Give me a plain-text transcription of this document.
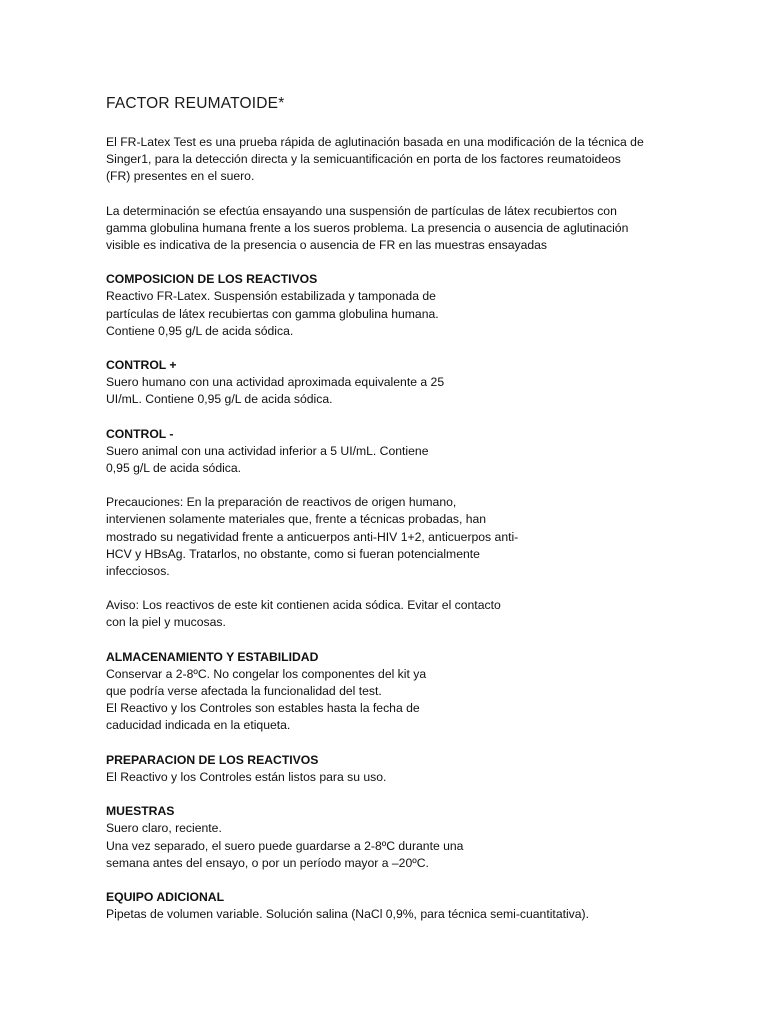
FACTOR REUMATOIDE*
El FR-Latex Test es una prueba rápida de aglutinación basada en una modificación de la técnica de
Singer1, para la detección directa y la semicuantificación en porta de los factores reumatoideos
(FR) presentes en el suero.
La determinación se efectúa ensayando una suspensión de partículas de látex recubiertos con
gamma globulina humana frente a los sueros problema. La presencia o ausencia de aglutinación
visible es indicativa de la presencia o ausencia de FR en las muestras ensayadas
COMPOSICION DE LOS REACTIVOS
Reactivo FR-Latex. Suspensión estabilizada y tamponada de
partículas de látex recubiertas con gamma globulina humana.
Contiene 0,95 g/L de acida sódica.
CONTROL +
Suero humano con una actividad aproximada equivalente a 25
UI/mL. Contiene 0,95 g/L de acida sódica.
CONTROL -
Suero animal con una actividad inferior a 5 UI/mL. Contiene
0,95 g/L de acida sódica.
Precauciones: En la preparación de reactivos de origen humano,
intervienen solamente materiales que, frente a técnicas probadas, han
mostrado su negatividad frente a anticuerpos anti-HIV 1+2, anticuerpos anti-
HCV y HBsAg. Tratarlos, no obstante, como si fueran potencialmente
infecciosos.
Aviso: Los reactivos de este kit contienen acida sódica. Evitar el contacto
con la piel y mucosas.
ALMACENAMIENTO Y ESTABILIDAD
Conservar a 2-8ºC. No congelar los componentes del kit ya
que podría verse afectada la funcionalidad del test.
El Reactivo y los Controles son estables hasta la fecha de
caducidad indicada en la etiqueta.
PREPARACION DE LOS REACTIVOS
El Reactivo y los Controles están listos para su uso.
MUESTRAS
Suero claro, reciente.
Una vez separado, el suero puede guardarse a 2-8ºC durante una
semana antes del ensayo, o por un período mayor a –20ºC.
EQUIPO ADICIONAL
Pipetas de volumen variable. Solución salina (NaCl 0,9%, para técnica semi-cuantitativa).
